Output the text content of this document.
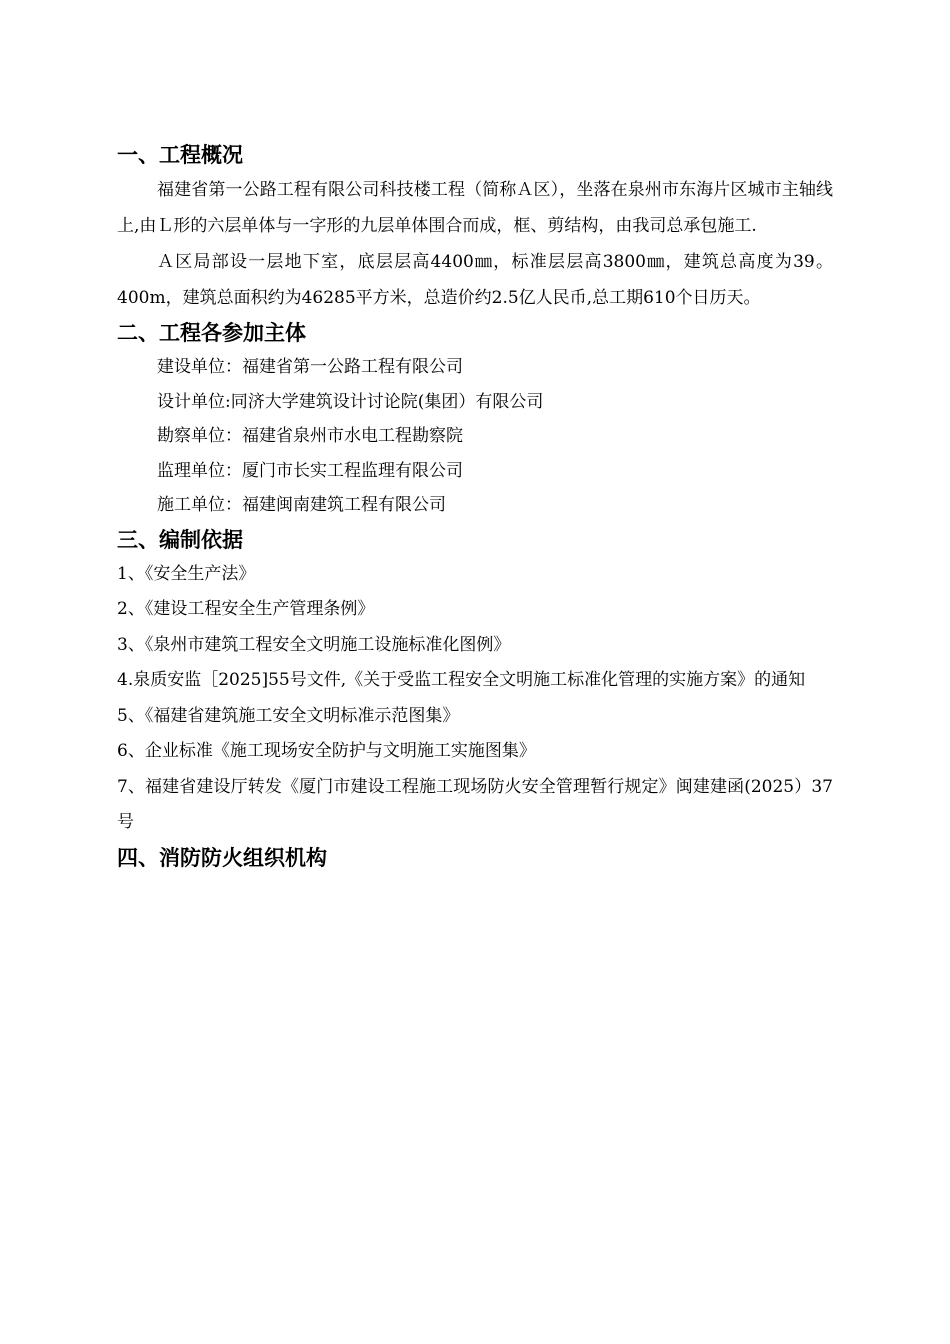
一、工程概况

福建省第一公路工程有限公司科技楼工程（简称Ａ区），坐落在泉州市东海片区城市主轴线上,由Ｌ形的六层单体与一字形的九层单体围合而成，框、剪结构，由我司总承包施工.

Ａ区局部设一层地下室，底层层高4400㎜，标准层层高3800㎜，建筑总高度为39。400m，建筑总面积约为46285平方米，总造价约2.5亿人民币,总工期610个日历天。

二、工程各参加主体

建设单位：福建省第一公路工程有限公司

设计单位:同济大学建筑设计讨论院(集团）有限公司

勘察单位：福建省泉州市水电工程勘察院

监理单位：厦门市长实工程监理有限公司

施工单位：福建闽南建筑工程有限公司

三、编制依据

1、《安全生产法》

2、《建设工程安全生产管理条例》

3、《泉州市建筑工程安全文明施工设施标准化图例》

4.泉质安监［2025]55号文件,《关于受监工程安全文明施工标准化管理的实施方案》的通知

5、《福建省建筑施工安全文明标准示范图集》

6、企业标准《施工现场安全防护与文明施工实施图集》

7、福建省建设厅转发《厦门市建设工程施工现场防火安全管理暂行规定》闽建建函(2025）37号

四、消防防火组织机构
